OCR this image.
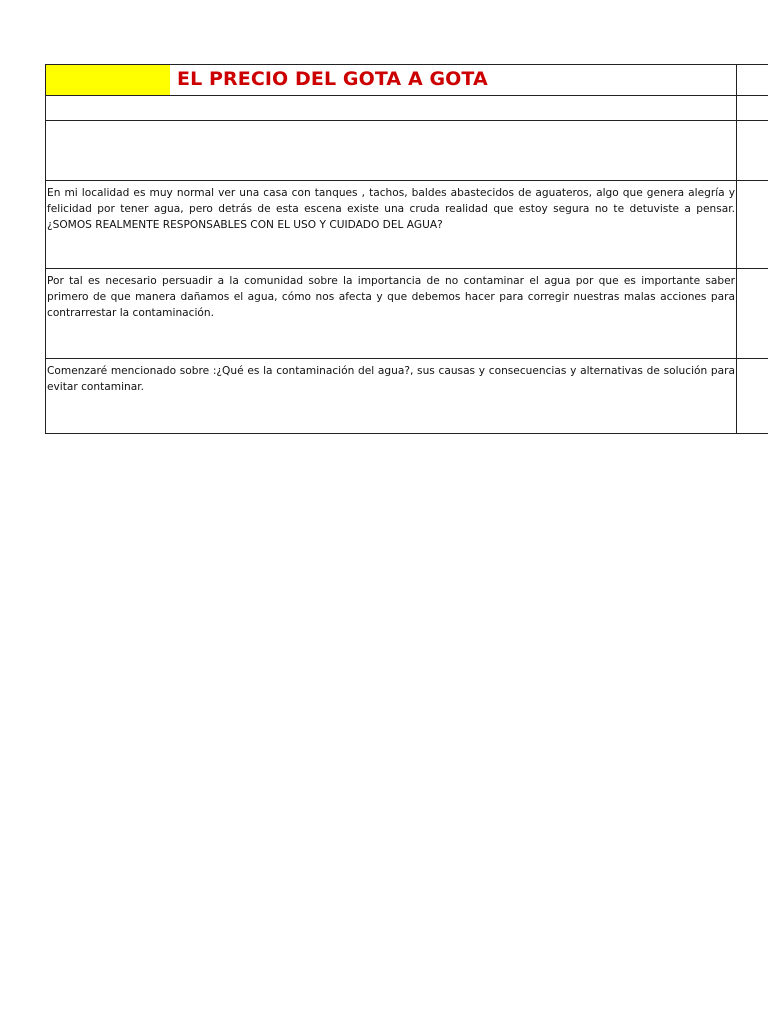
EL PRECIO DEL GOTA A GOTA	

En mi localidad es muy normal ver una casa con tanques , tachos, baldes abastecidos de aguateros, algo que genera alegría y felicidad por tener agua, pero detrás de esta escena existe una cruda realidad que estoy segura no te detuviste a pensar. ¿SOMOS REALMENTE RESPONSABLES CON EL USO Y CUIDADO DEL AGUA?	

Por tal es necesario persuadir a la comunidad sobre la importancia de no contaminar el agua por que es importante saber primero de que manera dañamos el agua, cómo nos afecta y que debemos hacer para corregir nuestras malas acciones para contrarrestar la contaminación.	

Comenzaré mencionado sobre :¿Qué es la contaminación del agua?, sus causas y consecuencias y alternativas de solución para evitar contaminar.	
